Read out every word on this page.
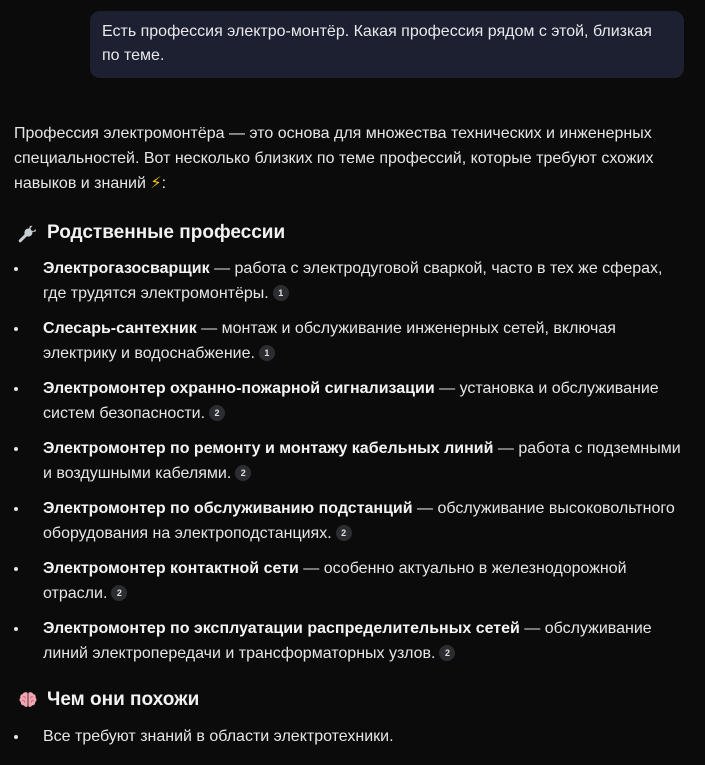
Есть профессия электро-монтёр. Какая профессия рядом с этой, близкая по теме.

Профессия электромонтёра — это основа для множества технических и инженерных специальностей. Вот несколько близких по теме профессий, которые требуют схожих навыков и знаний ⚡:

Родственные профессии
Электрогазосварщик — работа с электродуговой сваркой, часто в тех же сферах, где трудятся электромонтёры. 1
Слесарь-сантехник — монтаж и обслуживание инженерных сетей, включая электрику и водоснабжение. 1
Электромонтер охранно-пожарной сигнализации — установка и обслуживание систем безопасности. 2
Электромонтер по ремонту и монтажу кабельных линий — работа с подземными и воздушными кабелями. 2
Электромонтер по обслуживанию подстанций — обслуживание высоковольтного оборудования на электроподстанциях. 2
Электромонтер контактной сети — особенно актуально в железнодорожной отрасли. 2
Электромонтер по эксплуатации распределительных сетей — обслуживание линий электропередачи и трансформаторных узлов. 2
Чем они похожи
Все требуют знаний в области электротехники.
